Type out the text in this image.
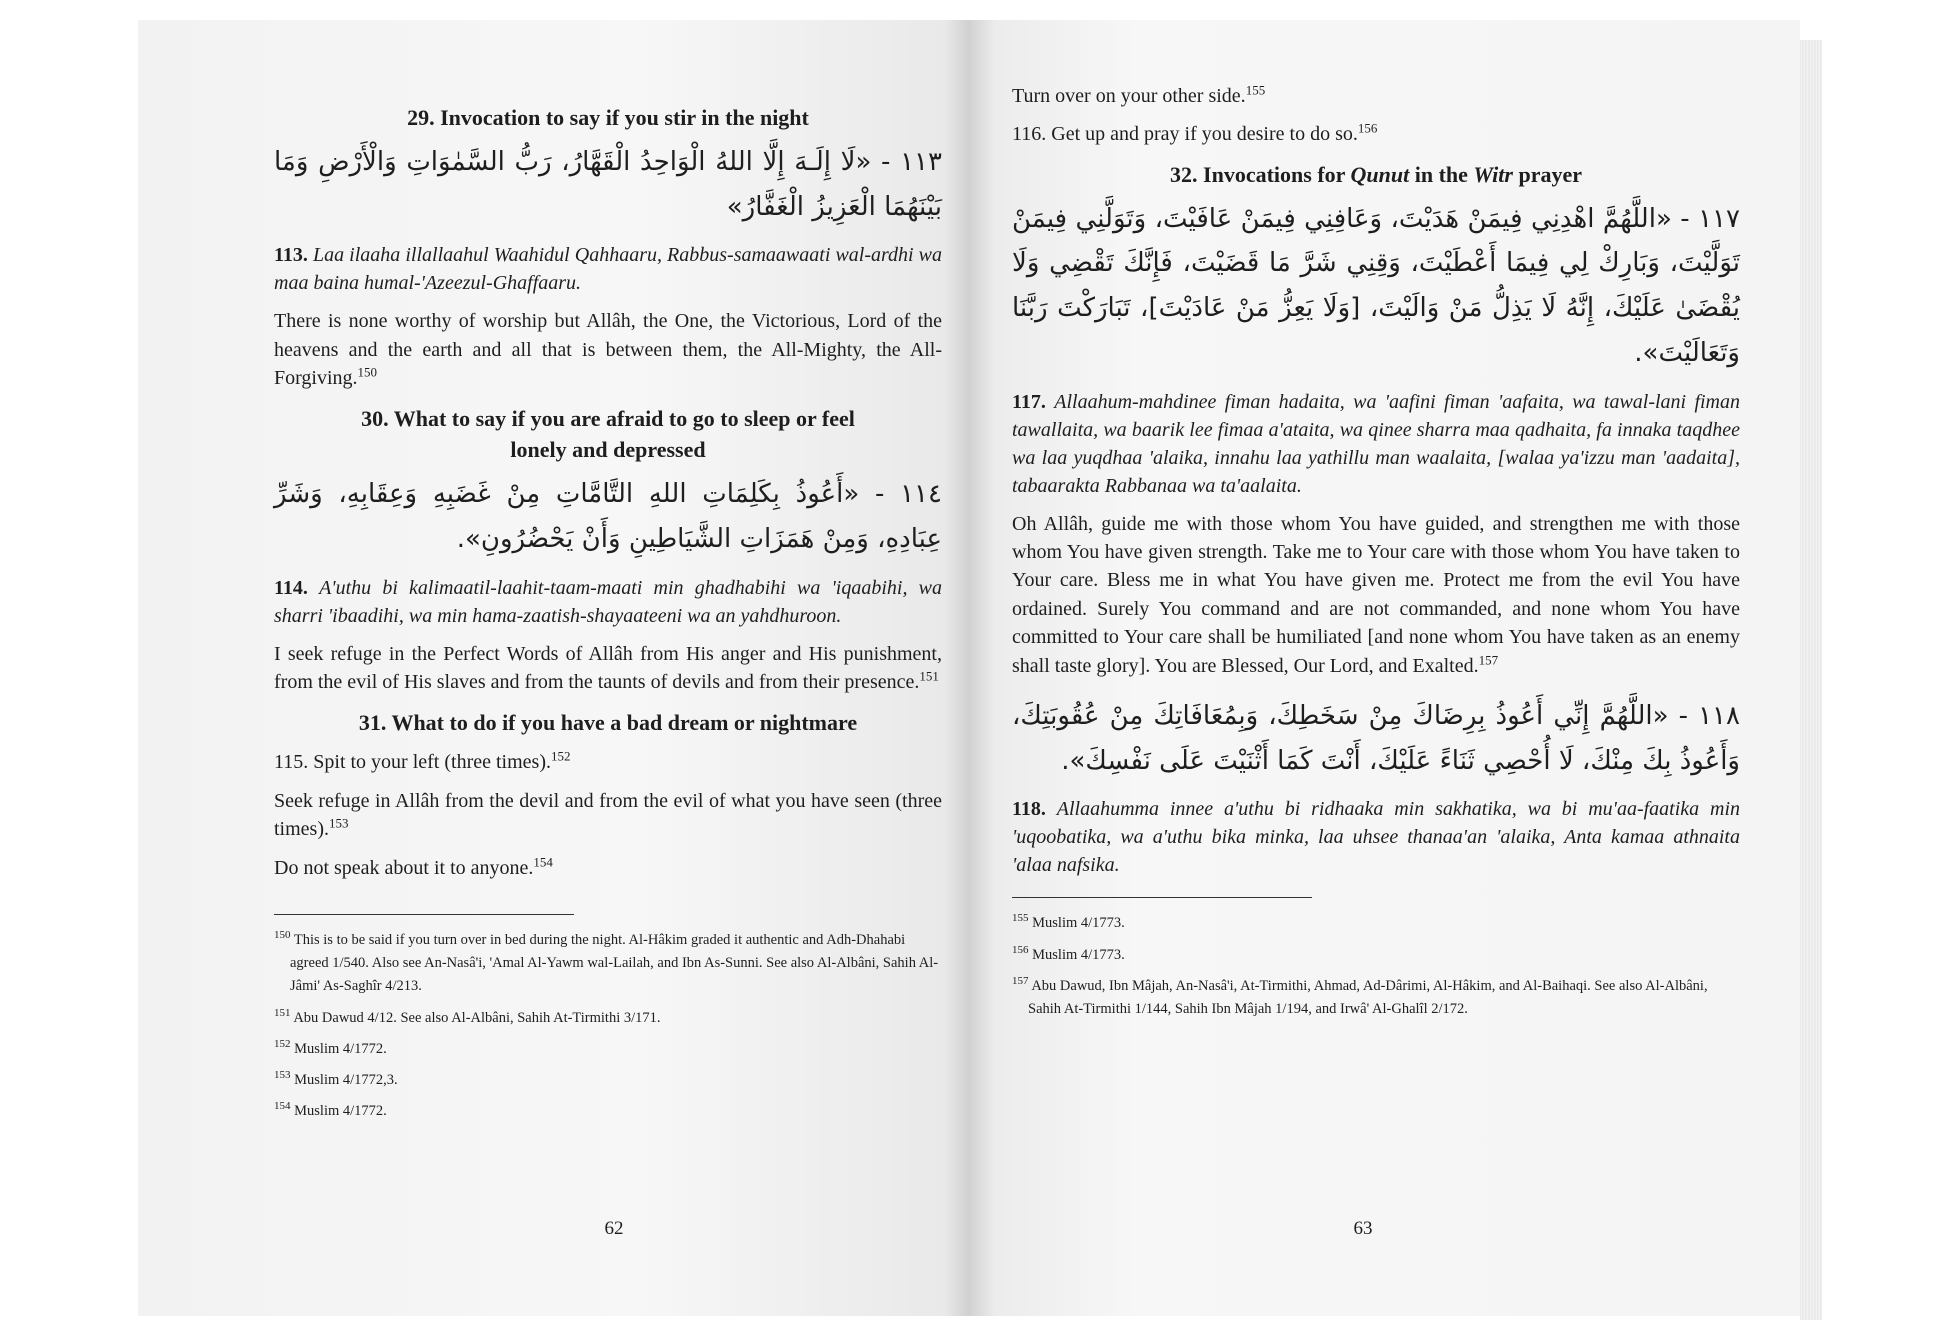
29. Invocation to say if you stir in the night
١١٣ - «لَا إِلَـهَ إِلَّا اللهُ الْوَاحِدُ الْقَهَّارُ، رَبُّ السَّمٰوَاتِ وَالْأَرْضِ وَمَا بَيْنَهُمَا الْعَزِيزُ الْغَفَّارُ»
113. Laa ilaaha illallaahul Waahidul Qahhaaru, Rabbus-samaawaati wal-ardhi wa maa baina humal-'Azeezul-Ghaffaaru.
There is none worthy of worship but Allâh, the One, the Victorious, Lord of the heavens and the earth and all that is between them, the All-Mighty, the All-Forgiving.$^{150}$
30. What to say if you are afraid to go to sleep or feel
lonely and depressed
١١٤ - «أَعُوذُ بِكَلِمَاتِ اللهِ التَّامَّاتِ مِنْ غَضَبِهِ وَعِقَابِهِ، وَشَرِّ عِبَادِهِ، وَمِنْ هَمَزَاتِ الشَّيَاطِينِ وَأَنْ يَحْضُرُونِ».
114. A'uthu bi kalimaatil-laahit-taam-maati min ghadhabihi wa 'iqaabihi, wa sharri 'ibaadihi, wa min hama-zaatish-shayaateeni wa an yahdhuroon.
I seek refuge in the Perfect Words of Allâh from His anger and His punishment, from the evil of His slaves and from the taunts of devils and from their presence.$^{151}$
31. What to do if you have a bad dream or nightmare
115. Spit to your left (three times).$^{152}$
Seek refuge in Allâh from the devil and from the evil of what you have seen (three times).$^{153}$
Do not speak about it to anyone.$^{154}$
$^{150}$ This is to be said if you turn over in bed during the night. Al-Hâkim graded it authentic and Adh-Dhahabi agreed 1/540. Also see An-Nasâ'i, 'Amal Al-Yawm wal-Lailah, and Ibn As-Sunni. See also Al-Albâni, Sahih Al-Jâmi' As-Saghîr 4/213.
$^{151}$ Abu Dawud 4/12. See also Al-Albâni, Sahih At-Tirmithi 3/171.
$^{152}$ Muslim 4/1772.
$^{153}$ Muslim 4/1772,3.
$^{154}$ Muslim 4/1772.
62
Turn over on your other side.$^{155}$
116. Get up and pray if you desire to do so.$^{156}$
32. Invocations for Qunut in the Witr prayer
١١٧ - «اللَّهُمَّ اهْدِنِي فِيمَنْ هَدَيْتَ، وَعَافِنِي فِيمَنْ عَافَيْتَ، وَتَوَلَّنِي فِيمَنْ تَوَلَّيْتَ، وَبَارِكْ لِي فِيمَا أَعْطَيْتَ، وَقِنِي شَرَّ مَا قَضَيْتَ، فَإِنَّكَ تَقْضِي وَلَا يُقْضَىٰ عَلَيْكَ، إِنَّهُ لَا يَذِلُّ مَنْ وَالَيْتَ، [وَلَا يَعِزُّ مَنْ عَادَيْتَ]، تَبَارَكْتَ رَبَّنَا وَتَعَالَيْتَ».
117. Allaahum-mahdinee fiman hadaita, wa 'aafini fiman 'aafaita, wa tawal-lani fiman tawallaita, wa baarik lee fimaa a'ataita, wa qinee sharra maa qadhaita, fa innaka taqdhee wa laa yuqdhaa 'alaika, innahu laa yathillu man waalaita, [walaa ya'izzu man 'aadaita], tabaarakta Rabbanaa wa ta'aalaita.
Oh Allâh, guide me with those whom You have guided, and strengthen me with those whom You have given strength. Take me to Your care with those whom You have taken to Your care. Bless me in what You have given me. Protect me from the evil You have ordained. Surely You command and are not commanded, and none whom You have committed to Your care shall be humiliated [and none whom You have taken as an enemy shall taste glory]. You are Blessed, Our Lord, and Exalted.$^{157}$
١١٨ - «اللَّهُمَّ إِنِّي أَعُوذُ بِرِضَاكَ مِنْ سَخَطِكَ، وَبِمُعَافَاتِكَ مِنْ عُقُوبَتِكَ، وَأَعُوذُ بِكَ مِنْكَ، لَا أُحْصِي ثَنَاءً عَلَيْكَ، أَنْتَ كَمَا أَثْنَيْتَ عَلَى نَفْسِكَ».
118. Allaahumma innee a'uthu bi ridhaaka min sakhatika, wa bi mu'aa-faatika min 'uqoobatika, wa a'uthu bika minka, laa uhsee thanaa'an 'alaika, Anta kamaa athnaita 'alaa nafsika.
$^{155}$ Muslim 4/1773.
$^{156}$ Muslim 4/1773.
$^{157}$ Abu Dawud, Ibn Mâjah, An-Nasâ'i, At-Tirmithi, Ahmad, Ad-Dârimi, Al-Hâkim, and Al-Baihaqi. See also Al-Albâni, Sahih At-Tirmithi 1/144, Sahih Ibn Mâjah 1/194, and Irwâ' Al-Ghalîl 2/172.
63
